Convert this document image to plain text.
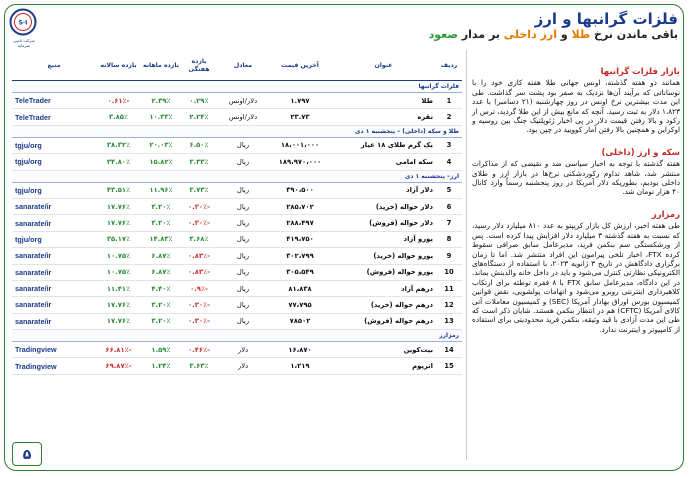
S·I
شرکت تامین سرمایه
فلزات گرانبها و ارز
باقی ماندن نرخ طلا و ارز داخلی بر مدار صعود
ردیف	عنوان	آخرین قیمت	معادل	بازده هفتگی	بازده ماهانه	بازده سالانه	منبع
فلزات گرانبها							
1	طلا	۱.۷۹۷	دلار/اونس	۰.۲۹٪	۲.۳۹٪	-۰.۶۱٪	TeleTrader
2	نقره	۲۳.۷۳	دلار/اونس	۲.۲۴٪	۱۰.۳۳٪	۳.۸۵٪	TeleTrader
طلا و سکه (داخلی) – پنجشنبه ۱ دی							
3	یک گرم طلای ۱۸ عیار	۱۸،۰۰۱،۰۰۰	ریال	۶.۵۰٪	۲۰.۰۳٪	۳۸.۳۲٪	tgju/org
4	سکه امامی	۱۸۹،۹۷۰،۰۰۰	ریال	۳.۳۳٪	۱۵.۸۲٪	۳۴.۸۰٪	tgju/org
ارز– پنجشنبه ۱ دی							
5	دلار آزاد	۳۹۰،۵۰۰	ریال	۳.۷۳٪	۱۱.۹۶٪	۴۳.۵۱٪	tgju/org
6	دلار حواله (خرید)	۲۸۵،۷۰۲	ریال	-۰.۳۰٪	۳.۲۰٪	۱۷.۷۶٪	sanarate/ir
7	دلار حواله (فروش)	۲۸۸،۴۹۷	ریال	-۰.۳۰٪	۳.۲۰٪	۱۷.۷۶٪	sanarate/ir
8	یورو آزاد	۴۱۹،۷۵۰	ریال	۳.۶۸٪	۱۴.۸۳٪	۳۵.۱۷٪	tgju/org
9	یورو حواله (خرید)	۳۰۲،۷۹۹	ریال	-۰.۸۳٪	۶.۸۷٪	۱۰.۷۵٪	sanarate/ir
10	یورو حواله (فروش)	۳۰۵،۵۴۹	ریال	-۰.۸۳٪	۶.۸۷٪	۱۰.۷۵٪	sanarate/ir
11	درهم آزاد	۸۱،۸۳۸	ریال	-۰.۹٪	۴.۴۰٪	۱۱.۴۱٪	sanarate/ir
12	درهم حواله (خرید)	۷۷،۷۹۵	ریال	-۰.۳۰٪	۳.۲۰٪	۱۷.۷۶٪	sanarate/ir
13	درهم حواله (فروش)	۷۸۵۰۲	ریال	-۰.۳۰٪	۳.۲۰٪	۱۷.۷۶٪	sanarate/ir
رمزارز							
14	بیت‌کوین	۱۶،۸۷۰	دلار	-۰.۴۶٪	۱.۵۹٪	-۶۶.۸۱٪	Tradingview
15	اتریوم	۱،۲۱۹	دلار	۳.۶۳٪	۱.۲۴٪	-۶۹.۸۷٪	Tradingview
بازار فلزات گرانبها

همانند دو هفته گذشته، اونس جهانی طلا هفته کاری خود را با نوساناتی که برآیند آن‌ها نزدیک به صفر بود پشت سر گذاشت. طی این مدت بیشترین نرخ اونس در روز چهارشنبه (۲۱ دسامبر) با عدد ۱،۸۲۳ دلار به ثبت رسید. آنچه که مانع بیش از این طلا گردید، ترس از رکود و بالا رفتن قیمت دلار در پی اخبار ژئوپلتیک جنگ بین روسیه و اوکراین و همچنین بالا رفتن آمار کوویید در چین بود.

سکه و ارز (داخلی)

هفته گذشته با توجه به اخبار سیاسی ضد و نقیضی که از مذاکرات منتشر شد، شاهد تداوم رکوردشکنی نرخ‌ها در بازار ارز و طلای داخلی بودیم، بطوریکه دلار آمریکا در روز پنجشنبه رسماً وارد کانال ۴۰ هزار تومان شد.

رمزارز

طی هفته اخیر، ارزش کل بازار کریپتو به عدد ۸۱۰ میلیارد دلار رسید، که نسبت به هفته گذشته ۳ میلیارد دلار افزایش پیدا کرده است. پس از ورشکستگی سم بنکمن فرید، مدیرعامل سابق صرافی سقوط کرده FTX، اخبار تلخی پیرامون این افراد منتشر شد. اما تا زمان برگزاری دادگاهش در تاریخ ۳ ژانویه ۲۰۲۳، با استفاده از دستگاه‌های الکترونیکی نظارتی کنترل می‌شود و باید در داخل خانه والدینش بماند. در این دادگاه، مدیرعامل سابق FTX با ۸ فقره توطئه برای ارتکاب کلاهبرداری اینترنتی روبرو می‌شود و اتهامات پولشویی، نقض قوانین کمیسیون بورس اوراق بهادار آمریکا (SEC) و کمیسیون معاملات آتی کالای آمریکا (CFTC) هم در انتظار بنکمن هستند. شایان ذکر است که طی این مدت آزادی با قید وثیقه، بنکمن فرید محدودیتی برای استفاده از کامپیوتر و اینترنت ندارد.

۵
